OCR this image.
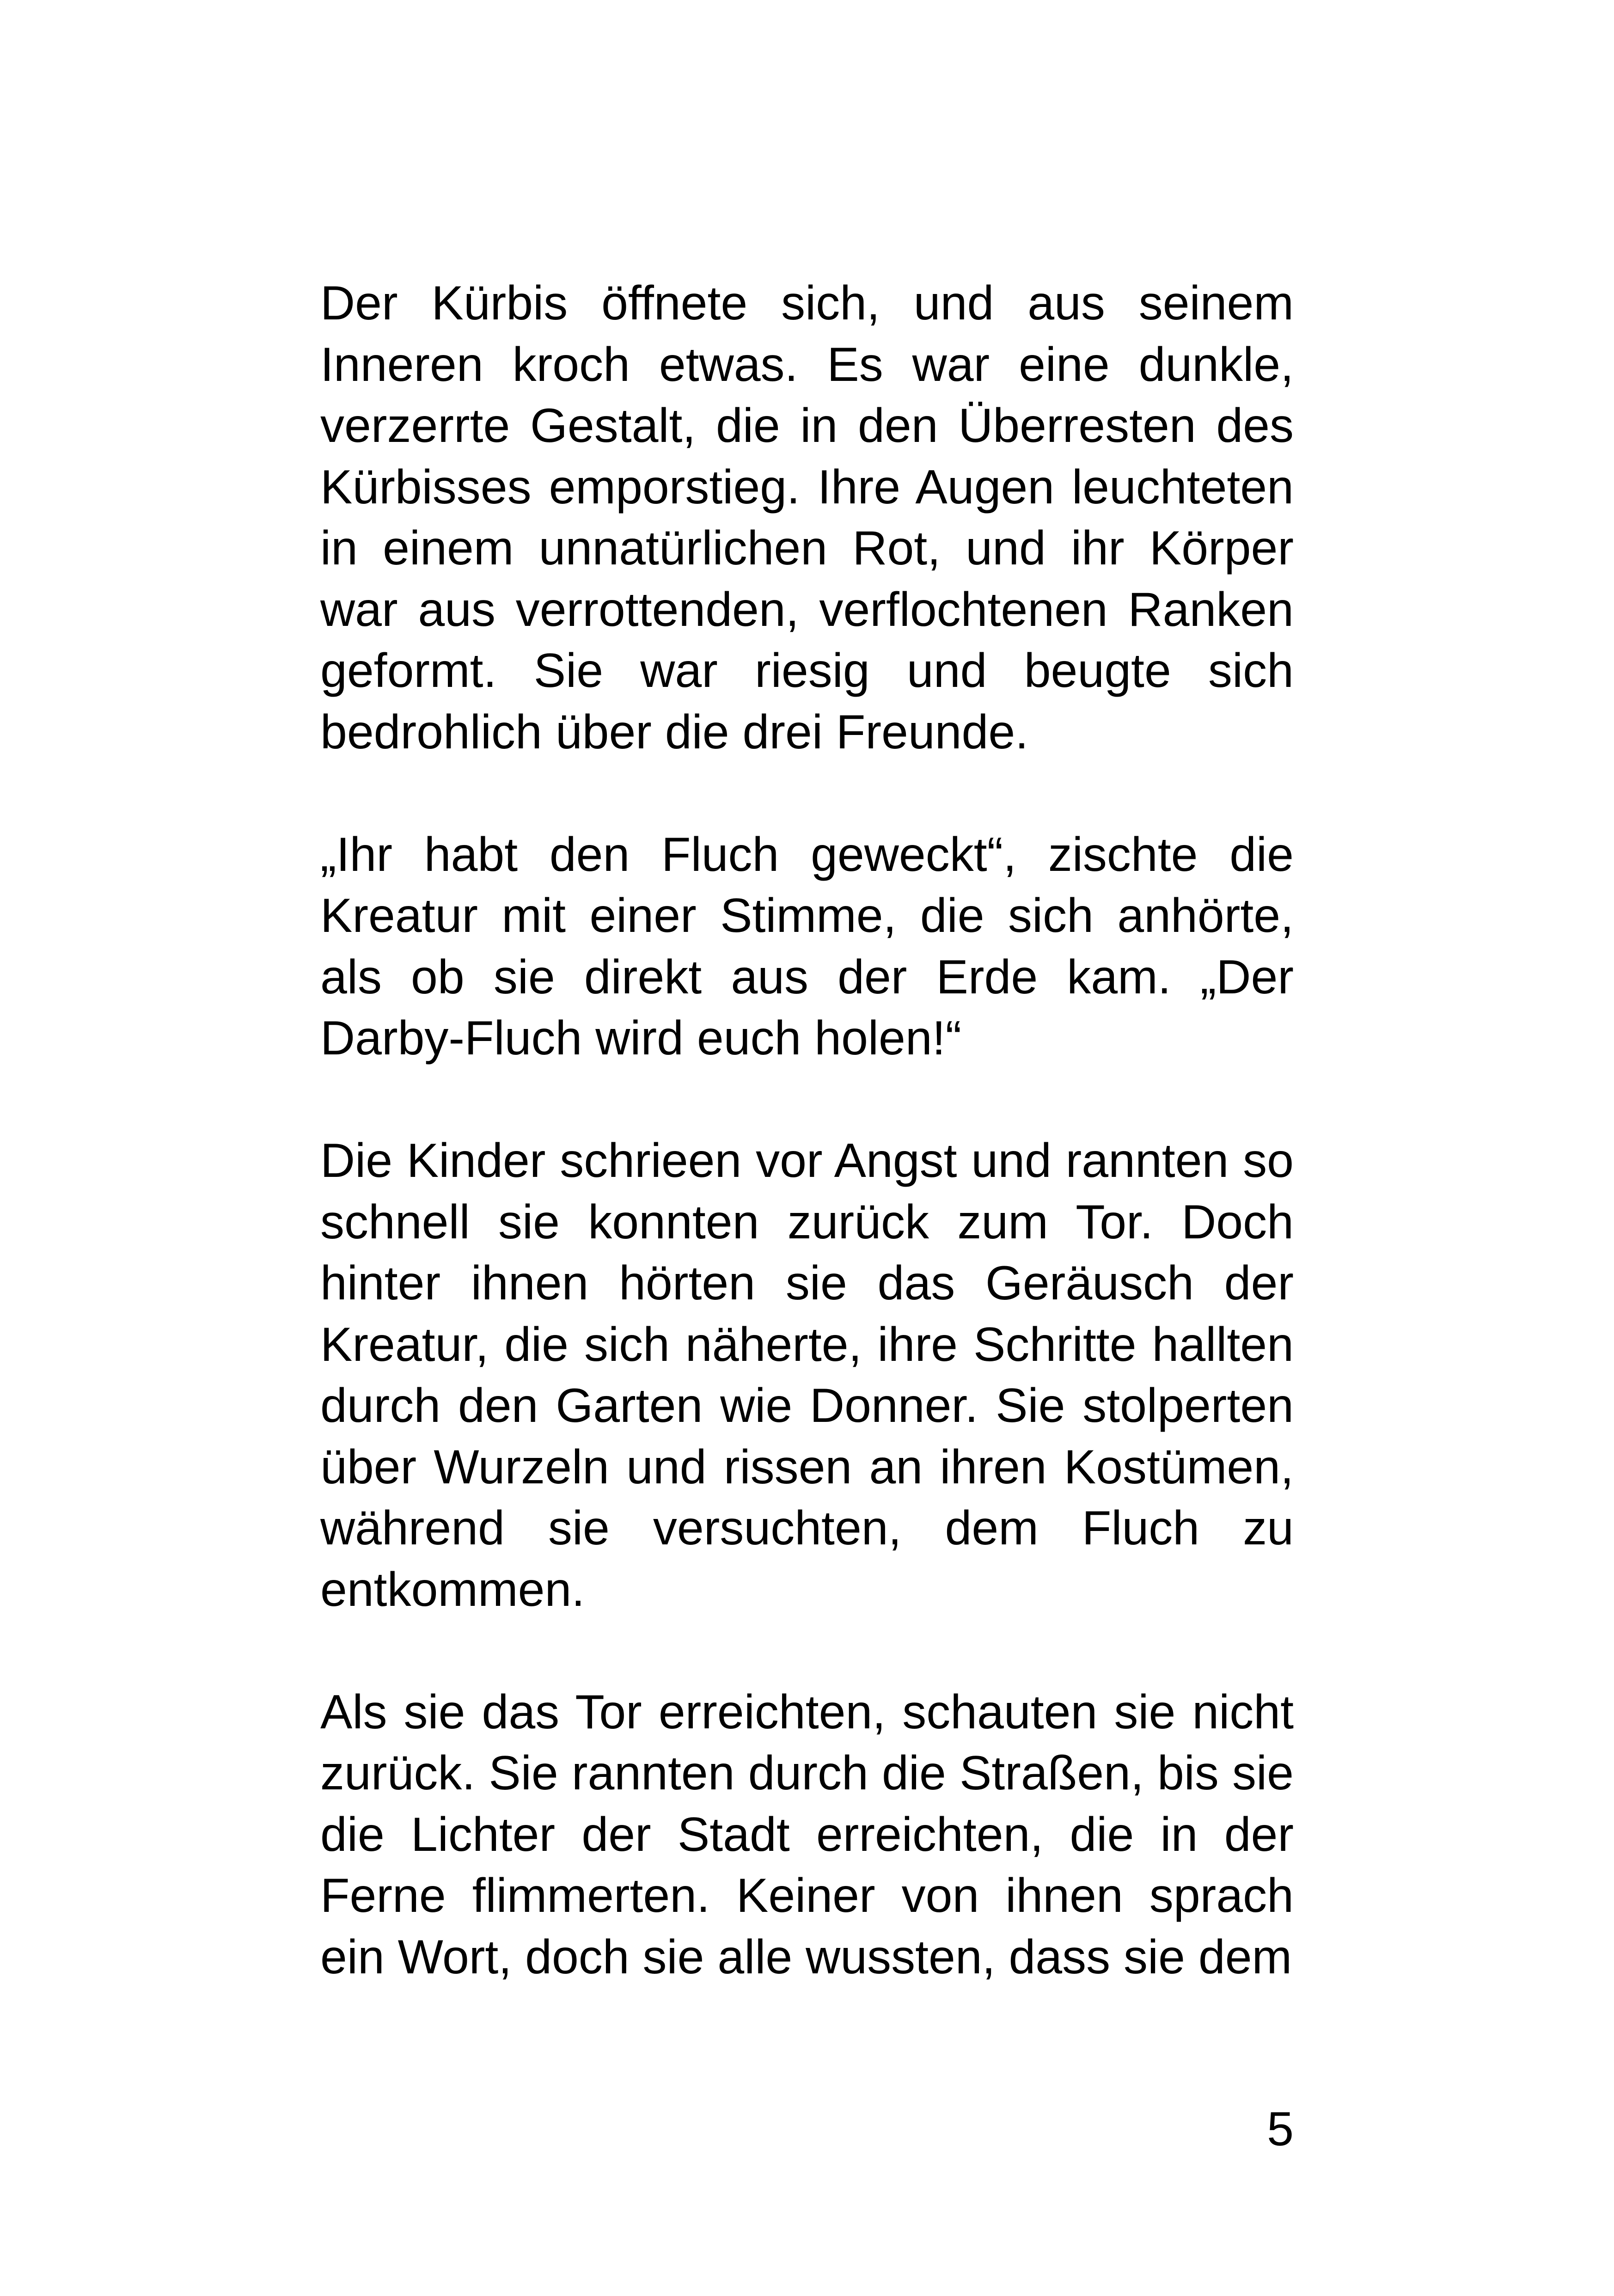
Der Kürbis öffnete sich, und aus seinem Inneren kroch etwas. Es war eine dunkle, verzerrte Gestalt, die in den Überresten des Kürbisses emporstieg. Ihre Augen leuchteten in einem unnatürlichen Rot, und ihr Körper war aus verrottenden, verflochtenen Ranken geformt. Sie war riesig und beugte sich bedrohlich über die drei Freunde.

„Ihr habt den Fluch geweckt“, zischte die Kreatur mit einer Stimme, die sich anhörte, als ob sie direkt aus der Erde kam. „Der Darby-Fluch wird euch holen!“

Die Kinder schrieen vor Angst und rannten so schnell sie konnten zurück zum Tor. Doch hinter ihnen hörten sie das Geräusch der Kreatur, die sich näherte, ihre Schritte hallten durch den Garten wie Donner. Sie stolperten über Wurzeln und rissen an ihren Kostümen, während sie versuchten, dem Fluch zu entkommen.

Als sie das Tor erreichten, schauten sie nicht zurück. Sie rannten durch die Straßen, bis sie die Lichter der Stadt erreichten, die in der Ferne flimmerten. Keiner von ihnen sprach ein Wort, doch sie alle wussten, dass sie dem

5
